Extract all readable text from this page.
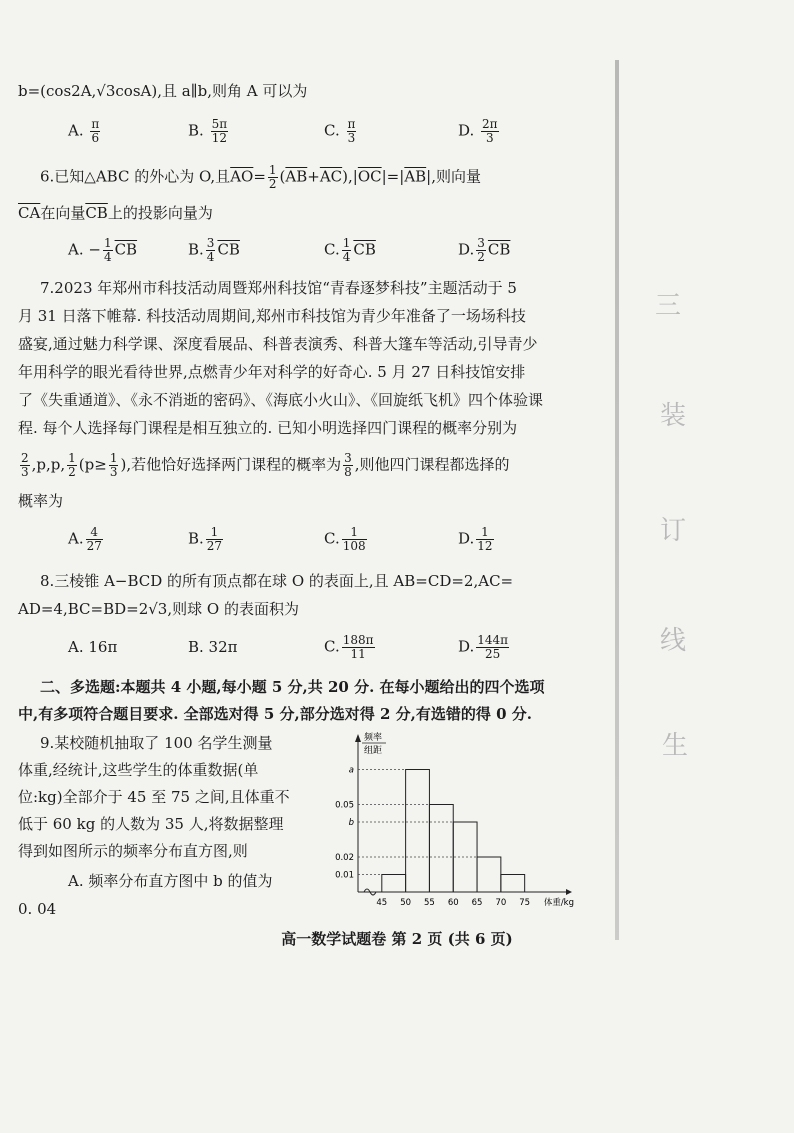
三
装
订
线
生
b=(cos2A,√3cosA),且 a∥b,则角 A 可以为
A. $\frac{\pi}{6}$	B. $\frac{5\pi}{12}$	C. $\frac{\pi}{3}$	D. $\frac{2\pi}{3}$
6.已知△ABC 的外心为 O,且$\overline{AO}= \frac{1}{2} (\overline{AB}+\overline{AC}),|\overline{OC}|=|\overline{AB}|$,则向量
$\overline{CA}$在向量$\overline{CB}$上的投影向量为
A. − $\frac{1}{4} \overline{CB}$	B. $\frac{3}{4} \overline{CB}$	C. $\frac{1}{4} \overline{CB}$	D. $\frac{3}{2} \overline{CB}$
7.2023 年郑州市科技活动周暨郑州科技馆“青春逐梦科技”主题活动于 5
月 31 日落下帷幕. 科技活动周期间,郑州市科技馆为青少年准备了一场场科技
盛宴,通过魅力科学课、深度看展品、科普表演秀、科普大篷车等活动,引导青少
年用科学的眼光看待世界,点燃青少年对科学的好奇心. 5 月 27 日科技馆安排
了《失重通道》、《永不消逝的密码》、《海底小火山》、《回旋纸飞机》四个体验课
程. 每个人选择每门课程是相互独立的. 已知小明选择四门课程的概率分别为
$\frac{2}{3} ,p,p$, $\frac{1}{2} (p\ge \frac{1}{3}$ ),若他恰好选择两门课程的概率为 $\frac{3}{8}$ ,则他四门课程都选择的
概率为
A. $\frac{4}{27}$	B. $\frac{1}{27}$	C. $\frac{1}{108}$	D. $\frac{1}{12}$
8.三棱锥 A−BCD 的所有顶点都在球 O 的表面上,且 AB=CD=2,AC=
AD=4,BC=BD=2√3,则球 O 的表面积为
A. 16π	B. 32π	C. $\frac{188\pi}{11}$	D. $\frac{144\pi}{25}$
二、多选题:本题共 4 小题,每小题 5 分,共 20 分. 在每小题给出的四个选项
中,有多项符合题目要求. 全部选对得 5 分,部分选对得 2 分,有选错的得 0 分.
9.某校随机抽取了 100 名学生测量
体重,经统计,这些学生的体重数据(单
位:kg)全部介于 45 至 75 之间,且体重不
低于 60 kg 的人数为 35 人,将数据整理
得到如图所示的频率分布直方图,则
A. 频率分布直方图中 b 的值为
0. 04
频率
组距
0.01
0.02
b
0.05
a
45 50 55 60 65 70 75 体重/kg
高一数学试题卷 第 2 页 (共 6 页)
